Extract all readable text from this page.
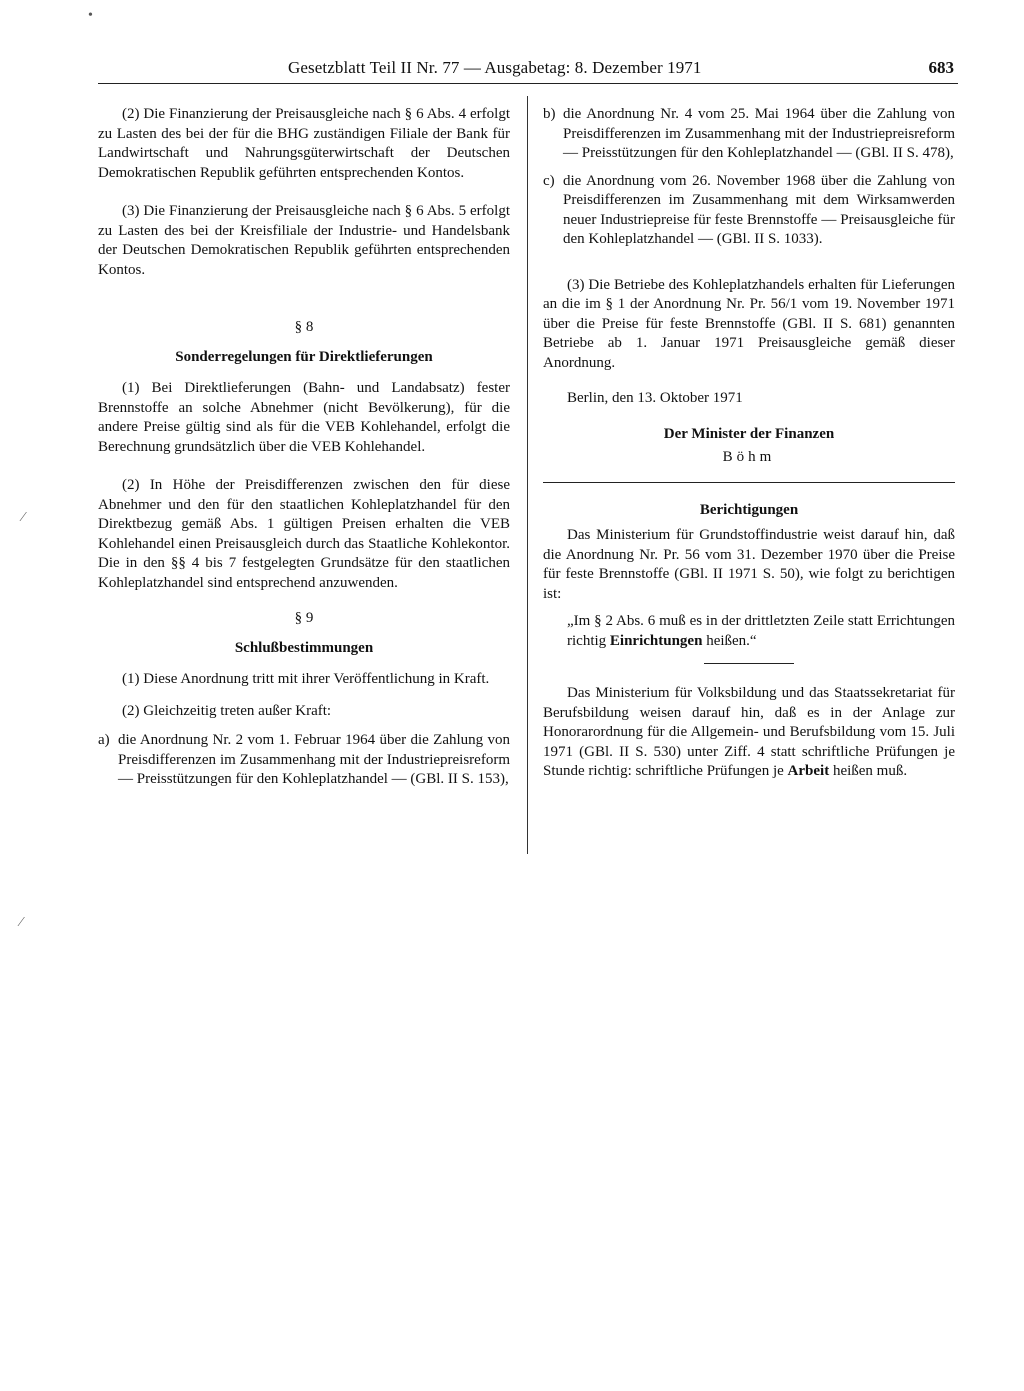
Gesetzblatt Teil II Nr. 77 — Ausgabetag: 8. Dezember 1971	683

(2) Die Finanzierung der Preisausgleiche nach § 6 Abs. 4 erfolgt zu Lasten des bei der für die BHG zuständigen Filiale der Bank für Landwirtschaft und Nahrungsgüterwirtschaft der Deutschen Demokratischen Republik geführten entsprechenden Kontos.

(3) Die Finanzierung der Preisausgleiche nach § 6 Abs. 5 erfolgt zu Lasten des bei der Kreisfiliale der Industrie- und Handelsbank der Deutschen Demokratischen Republik geführten entsprechenden Kontos.

§ 8

Sonderregelungen für Direktlieferungen

(1) Bei Direktlieferungen (Bahn- und Landabsatz) fester Brennstoffe an solche Abnehmer (nicht Bevölkerung), für die andere Preise gültig sind als für die VEB Kohlehandel, erfolgt die Berechnung grundsätzlich über die VEB Kohlehandel.

(2) In Höhe der Preisdifferenzen zwischen den für diese Abnehmer und den für den staatlichen Kohleplatzhandel für den Direktbezug gemäß Abs. 1 gültigen Preisen erhalten die VEB Kohlehandel einen Preisausgleich durch das Staatliche Kohlekontor. Die in den §§ 4 bis 7 festgelegten Grundsätze für den staatlichen Kohleplatzhandel sind entsprechend anzuwenden.

§ 9

Schlußbestimmungen

(1) Diese Anordnung tritt mit ihrer Veröffentlichung in Kraft.

(2) Gleichzeitig treten außer Kraft:

a) die Anordnung Nr. 2 vom 1. Februar 1964 über die Zahlung von Preisdifferenzen im Zusammenhang mit der Industriepreisreform — Preisstützungen für den Kohleplatzhandel — (GBl. II S. 153),
b) die Anordnung Nr. 4 vom 25. Mai 1964 über die Zahlung von Preisdifferenzen im Zusammenhang mit der Industriepreisreform — Preisstützungen für den Kohleplatzhandel — (GBl. II S. 478),
c) die Anordnung vom 26. November 1968 über die Zahlung von Preisdifferenzen im Zusammenhang mit dem Wirksamwerden neuer Industriepreise für feste Brennstoffe — Preisausgleiche für den Kohleplatzhandel — (GBl. II S. 1033).

(3) Die Betriebe des Kohleplatzhandels erhalten für Lieferungen an die im § 1 der Anordnung Nr. Pr. 56/1 vom 19. November 1971 über die Preise für feste Brennstoffe (GBl. II S. 681) genannten Betriebe ab 1. Januar 1971 Preisausgleiche gemäß dieser Anordnung.

Berlin, den 13. Oktober 1971

Der Minister der Finanzen

Böhm

Berichtigungen

Das Ministerium für Grundstoffindustrie weist darauf hin, daß die Anordnung Nr. Pr. 56 vom 31. Dezember 1970 über die Preise für feste Brennstoffe (GBl. II 1971 S. 50), wie folgt zu berichtigen ist:

„Im § 2 Abs. 6 muß es in der drittletzten Zeile statt Errichtungen richtig Einrichtungen heißen.“

Das Ministerium für Volksbildung und das Staatssekretariat für Berufsbildung weisen darauf hin, daß es in der Anlage zur Honorarordnung für die Allgemein- und Berufsbildung vom 15. Juli 1971 (GBl. II S. 530) unter Ziff. 4 statt schriftliche Prüfungen je Stunde richtig: schriftliche Prüfungen je Arbeit heißen muß.

•
⁄
⁄
